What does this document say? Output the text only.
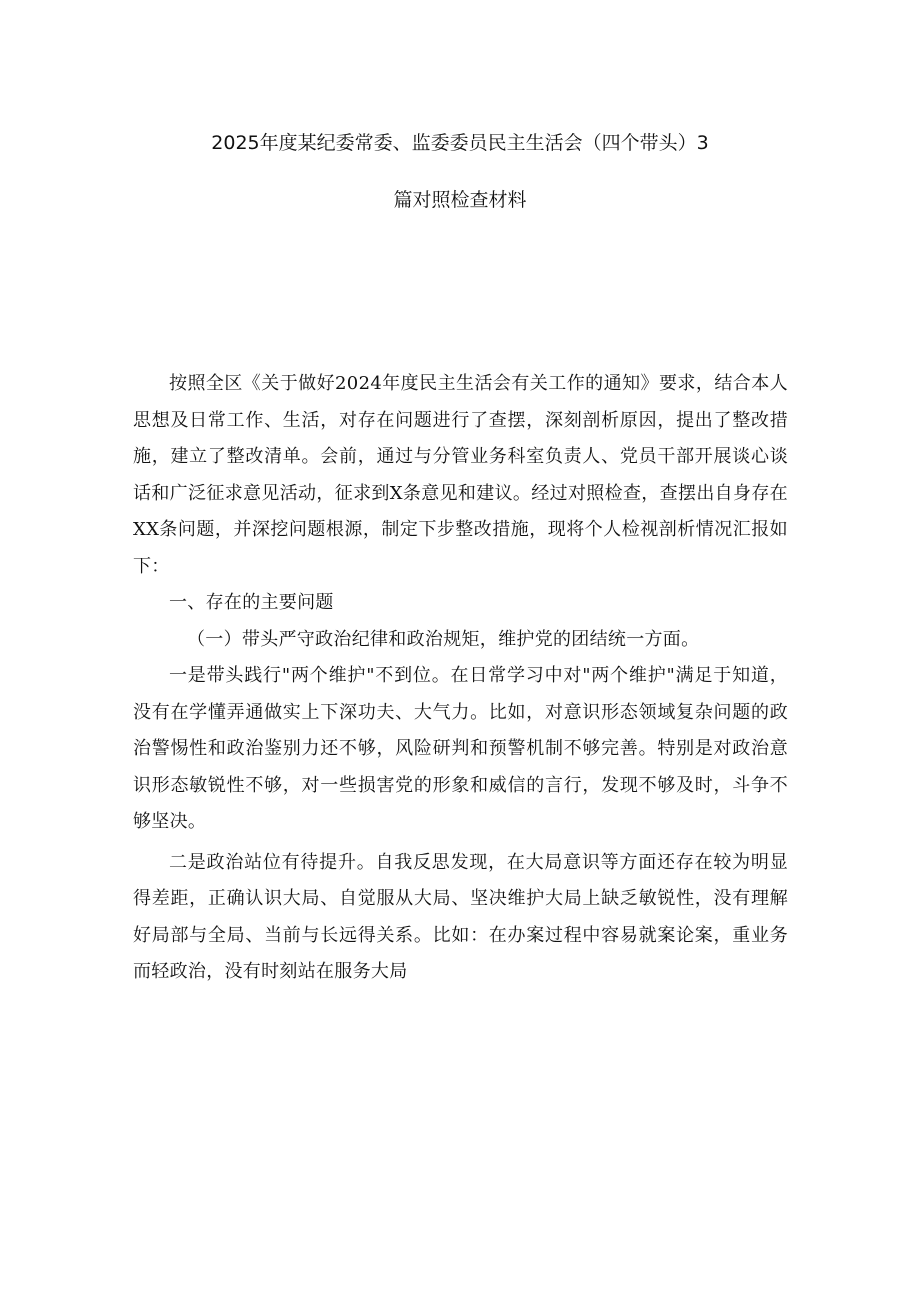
2025年度某纪委常委、监委委员民主生活会（四个带头）3
篇对照检查材料

按照全区《关于做好2024年度民主生活会有关工作的通知》要求，结合本人思想及日常工作、生活，对存在问题进行了查摆，深刻剖析原因，提出了整改措施，建立了整改清单。会前，通过与分管业务科室负责人、党员干部开展谈心谈话和广泛征求意见活动，征求到X条意见和建议。经过对照检查，查摆出自身存在XX条问题，并深挖问题根源，制定下步整改措施，现将个人检视剖析情况汇报如下：

一、存在的主要问题

（一）带头严守政治纪律和政治规矩，维护党的团结统一方面。

一是带头践行"两个维护"不到位。在日常学习中对"两个维护"满足于知道，没有在学懂弄通做实上下深功夫、大气力。比如，对意识形态领域复杂问题的政治警惕性和政治鉴别力还不够，风险研判和预警机制不够完善。特别是对政治意识形态敏锐性不够，对一些损害党的形象和威信的言行，发现不够及时，斗争不够坚决。

二是政治站位有待提升。自我反思发现，在大局意识等方面还存在较为明显得差距，正确认识大局、自觉服从大局、坚决维护大局上缺乏敏锐性，没有理解好局部与全局、当前与长远得关系。比如：在办案过程中容易就案论案，重业务而轻政治，没有时刻站在服务大局
